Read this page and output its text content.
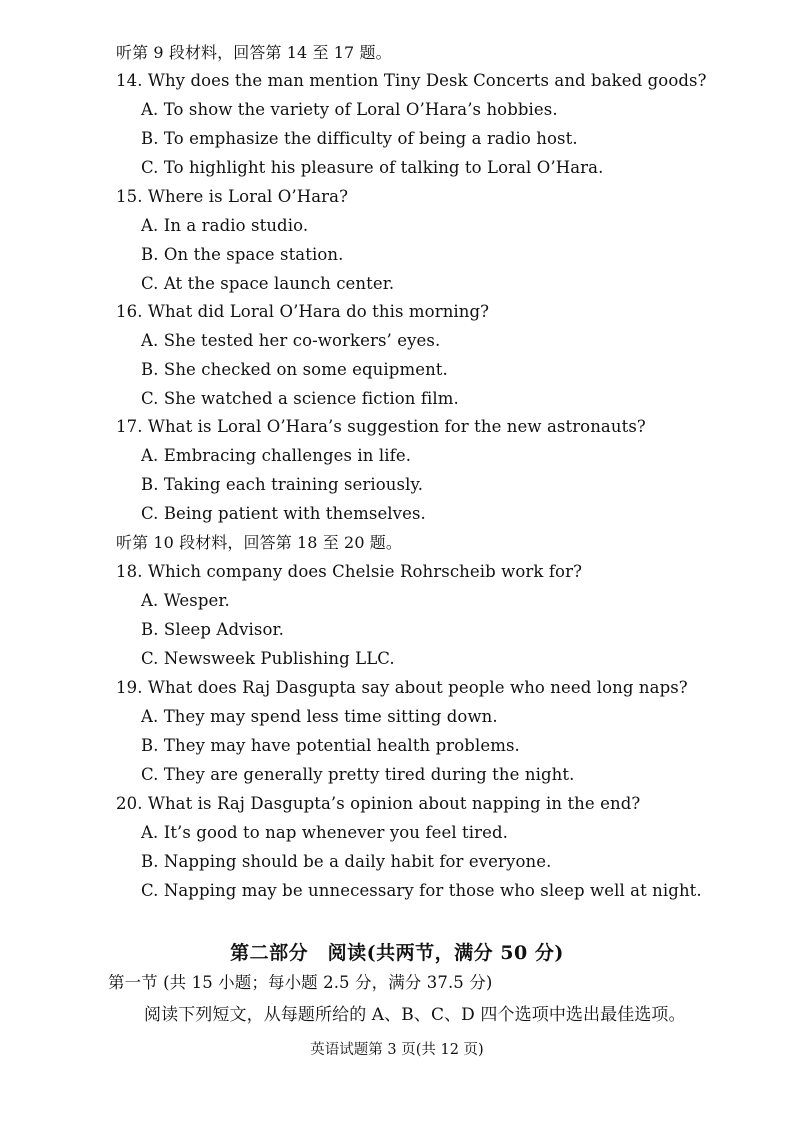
听第 9 段材料，回答第 14 至 17 题。
14. Why does the man mention Tiny Desk Concerts and baked goods?
A. To show the variety of Loral O’Hara’s hobbies.
B. To emphasize the difficulty of being a radio host.
C. To highlight his pleasure of talking to Loral O’Hara.
15. Where is Loral O’Hara?
A. In a radio studio.
B. On the space station.
C. At the space launch center.
16. What did Loral O’Hara do this morning?
A. She tested her co-workers’ eyes.
B. She checked on some equipment.
C. She watched a science fiction film.
17. What is Loral O’Hara’s suggestion for the new astronauts?
A. Embracing challenges in life.
B. Taking each training seriously.
C. Being patient with themselves.
听第 10 段材料，回答第 18 至 20 题。
18. Which company does Chelsie Rohrscheib work for?
A. Wesper.
B. Sleep Advisor.
C. Newsweek Publishing LLC.
19. What does Raj Dasgupta say about people who need long naps?
A. They may spend less time sitting down.
B. They may have potential health problems.
C. They are generally pretty tired during the night.
20. What is Raj Dasgupta’s opinion about napping in the end?
A. It’s good to nap whenever you feel tired.
B. Napping should be a daily habit for everyone.
C. Napping may be unnecessary for those who sleep well at night.
第二部分　阅读(共两节，满分 50 分)
第一节 (共 15 小题；每小题 2.5 分，满分 37.5 分)
阅读下列短文，从每题所给的 A、B、C、D 四个选项中选出最佳选项。
英语试题第 3 页(共 12 页)
